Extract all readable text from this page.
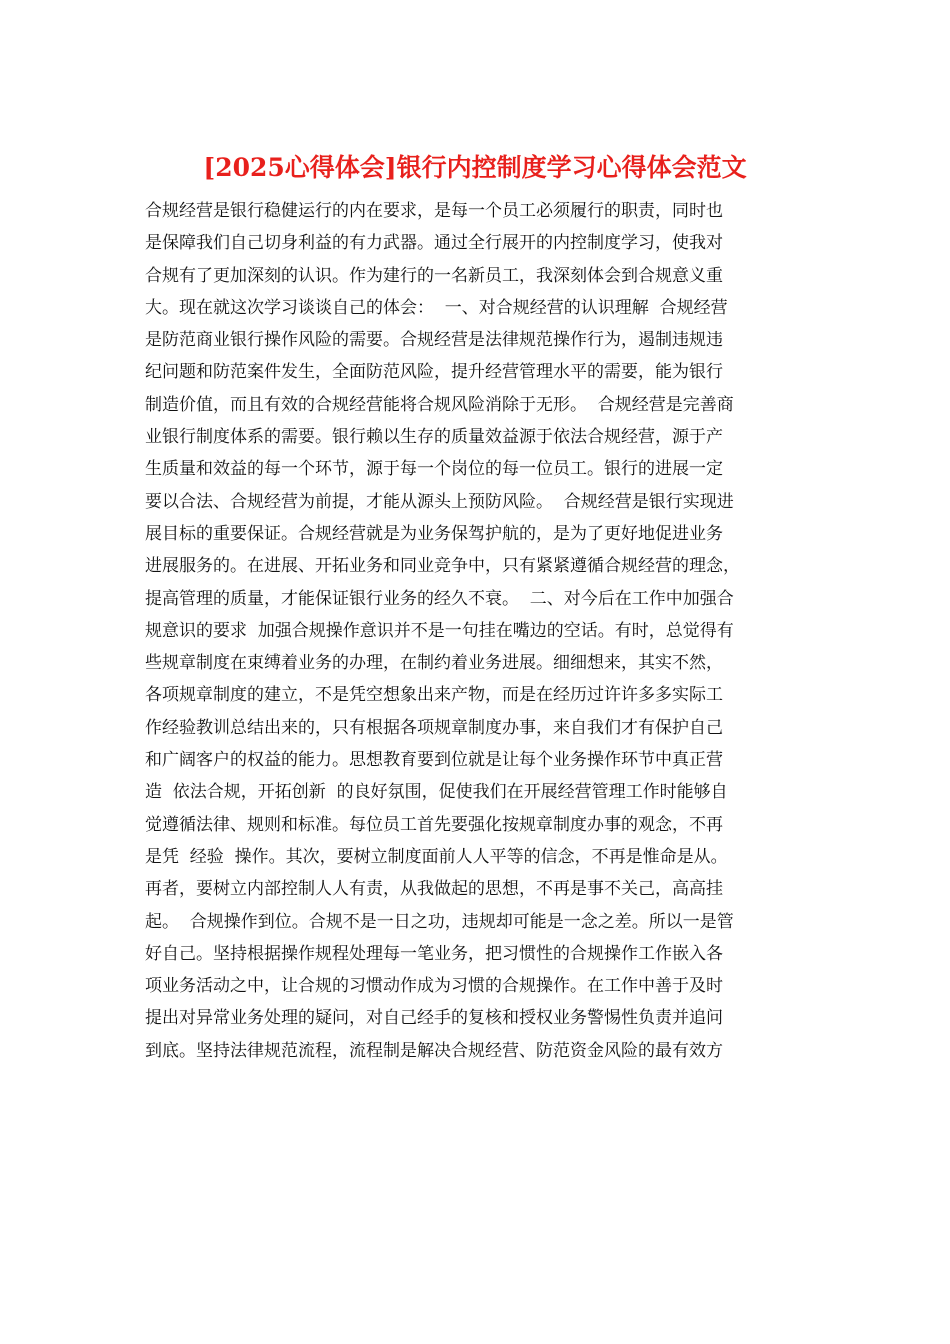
[2025心得体会]银行内控制度学习心得体会范文
合规经营是银行稳健运行的内在要求，是每一个员工必须履行的职责，同时也
是保障我们自己切身利益的有力武器。通过全行展开的内控制度学习，使我对
合规有了更加深刻的认识。作为建行的一名新员工，我深刻体会到合规意义重
大。现在就这次学习谈谈自己的体会：  一、对合规经营的认识理解  合规经营
是防范商业银行操作风险的需要。合规经营是法律规范操作行为，遏制违规违
纪问题和防范案件发生，全面防范风险，提升经营管理水平的需要，能为银行
制造价值，而且有效的合规经营能将合规风险消除于无形。  合规经营是完善商
业银行制度体系的需要。银行赖以生存的质量效益源于依法合规经营，源于产
生质量和效益的每一个环节，源于每一个岗位的每一位员工。银行的进展一定
要以合法、合规经营为前提，才能从源头上预防风险。  合规经营是银行实现进
展目标的重要保证。合规经营就是为业务保驾护航的，是为了更好地促进业务
进展服务的。在进展、开拓业务和同业竞争中，只有紧紧遵循合规经营的理念，
提高管理的质量，才能保证银行业务的经久不衰。  二、对今后在工作中加强合
规意识的要求  加强合规操作意识并不是一句挂在嘴边的空话。有时，总觉得有
些规章制度在束缚着业务的办理，在制约着业务进展。细细想来，其实不然，
各项规章制度的建立，不是凭空想象出来产物，而是在经历过许许多多实际工
作经验教训总结出来的，只有根据各项规章制度办事，来自我们才有保护自己
和广阔客户的权益的能力。思想教育要到位就是让每个业务操作环节中真正营
造  依法合规，开拓创新  的良好氛围，促使我们在开展经营管理工作时能够自
觉遵循法律、规则和标准。每位员工首先要强化按规章制度办事的观念，不再
是凭  经验  操作。其次，要树立制度面前人人平等的信念，不再是惟命是从。
再者，要树立内部控制人人有责，从我做起的思想，不再是事不关己，高高挂
起。  合规操作到位。合规不是一日之功，违规却可能是一念之差。所以一是管
好自己。坚持根据操作规程处理每一笔业务，把习惯性的合规操作工作嵌入各
项业务活动之中，让合规的习惯动作成为习惯的合规操作。在工作中善于及时
提出对异常业务处理的疑问，对自己经手的复核和授权业务警惕性负责并追问
到底。坚持法律规范流程，流程制是解决合规经营、防范资金风险的最有效方
